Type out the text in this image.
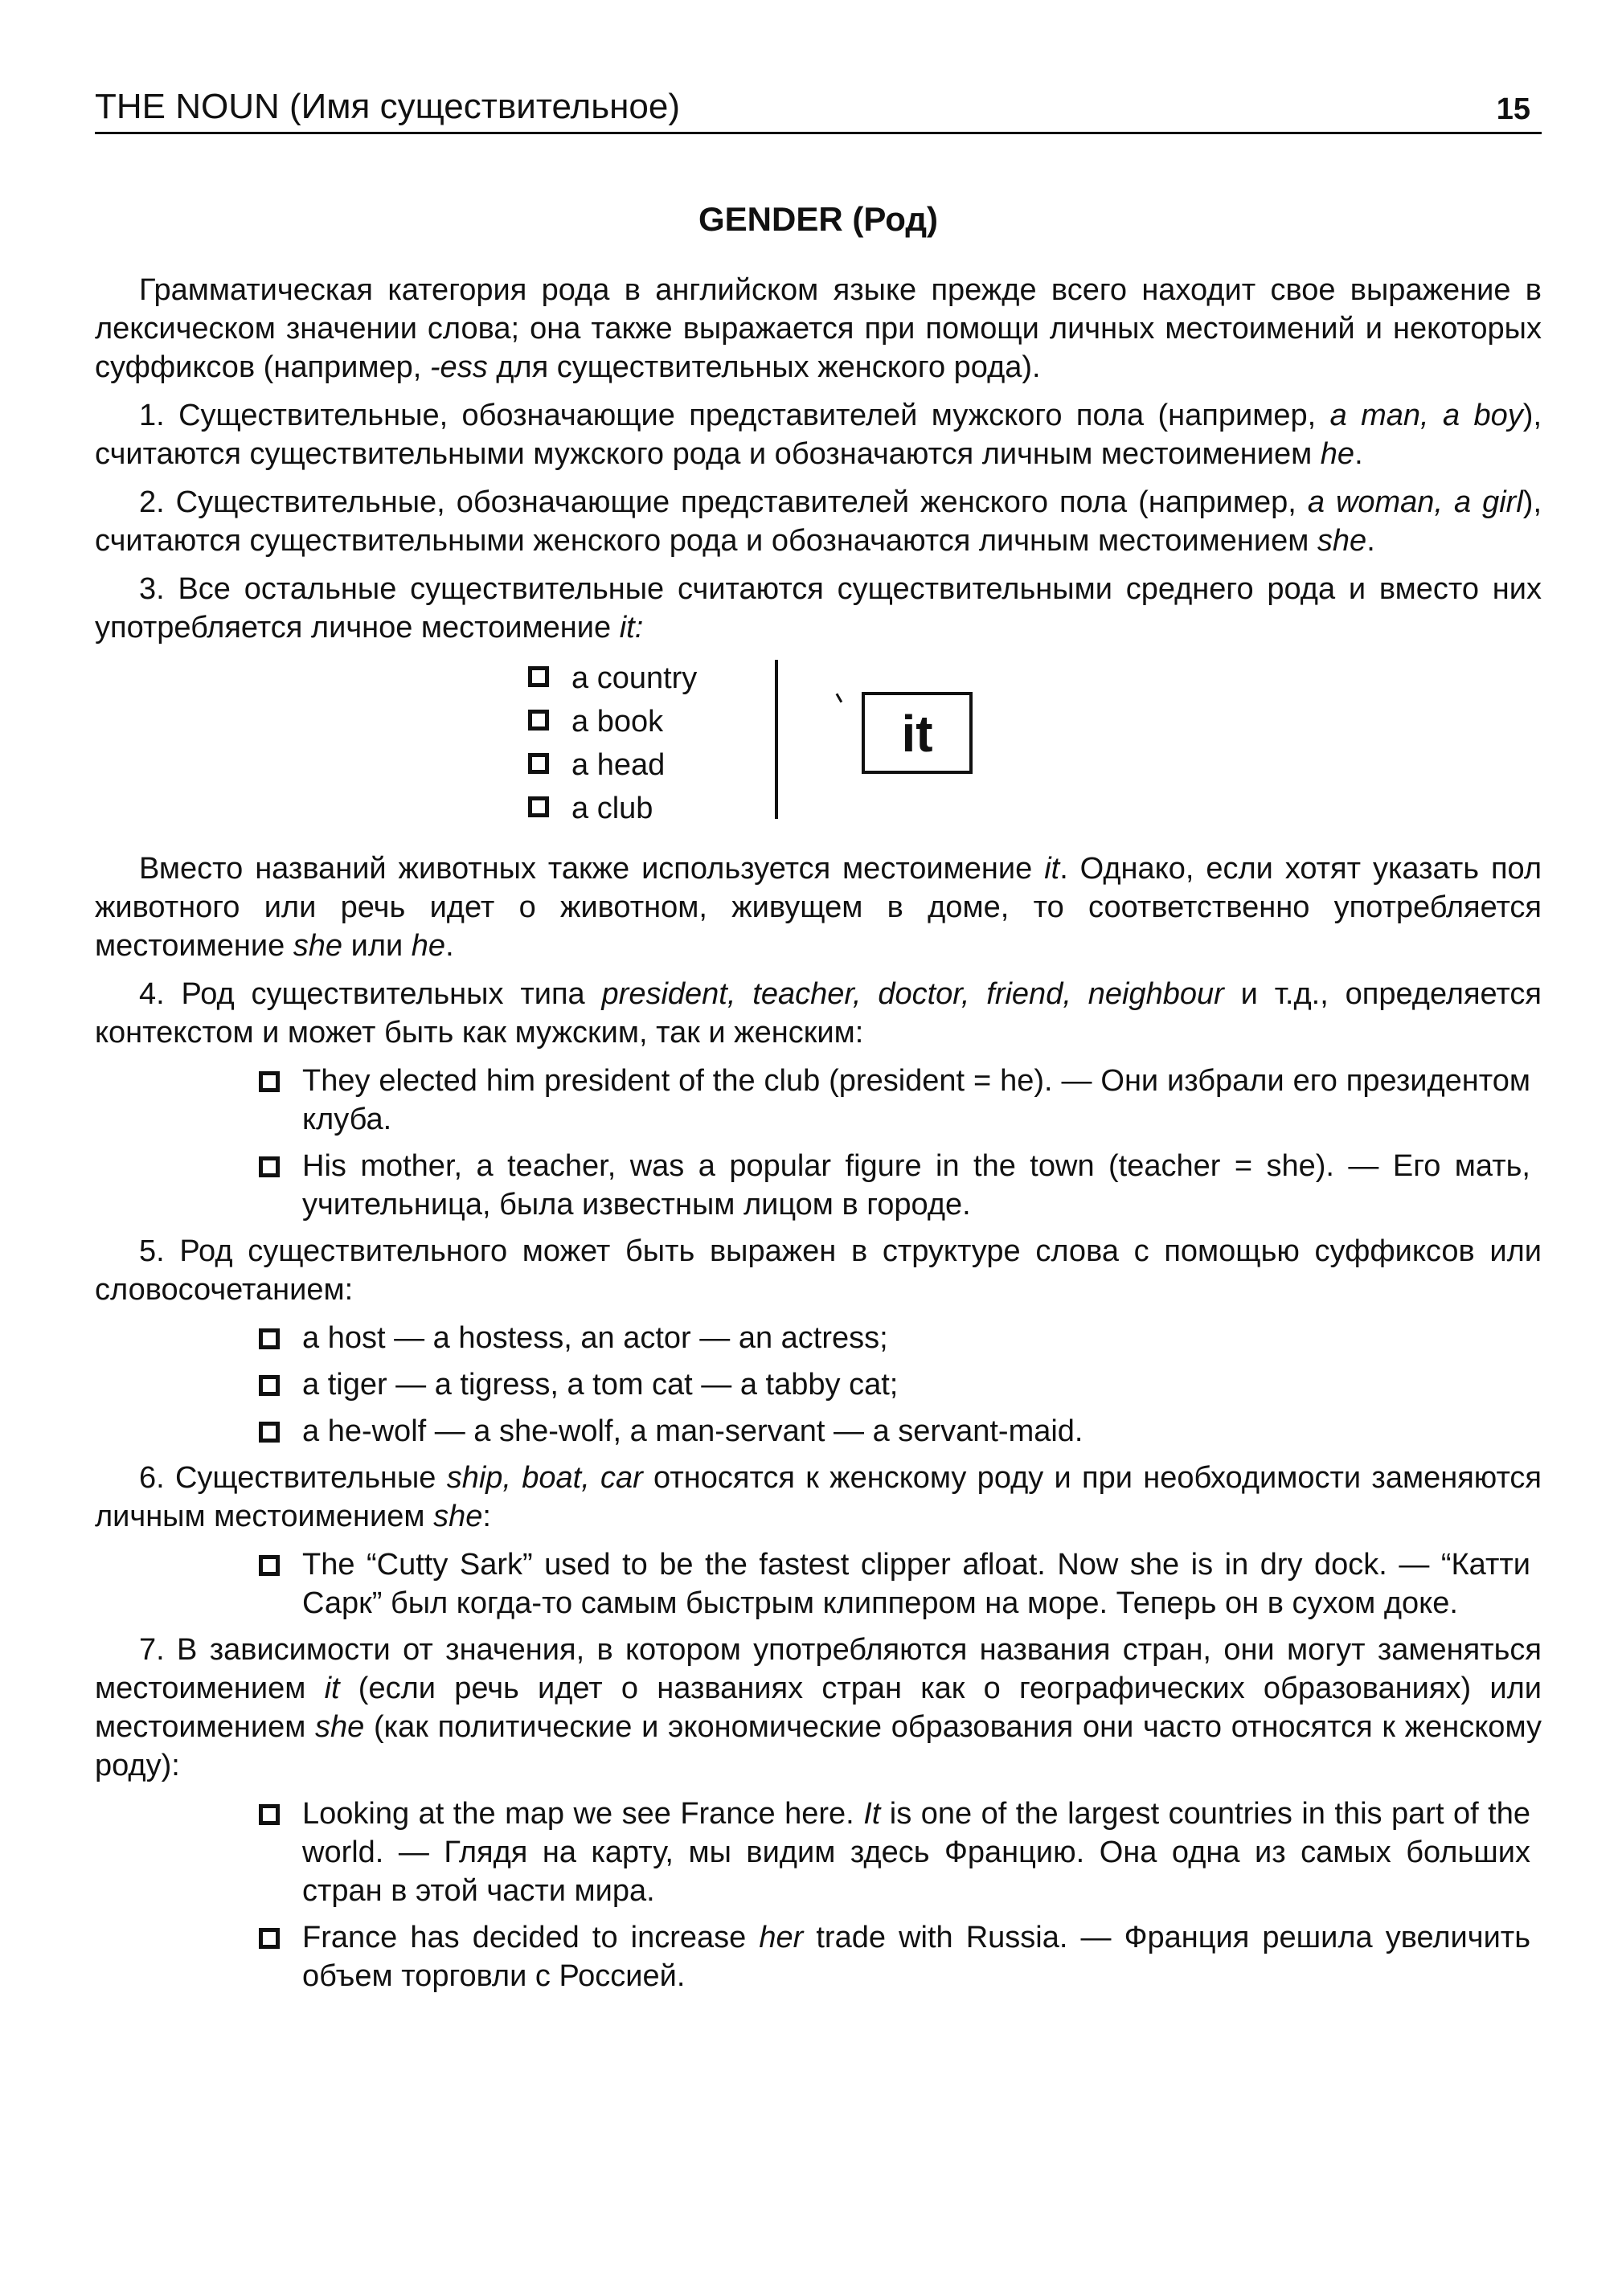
THE NOUN (Имя существительное)	15
GENDER (Род)

Грамматическая категория рода в английском языке прежде всего находит свое выражение в лексическом значении слова; она также выражается при помощи личных местоимений и некоторых суффиксов (например, -ess для существительных женского рода).

1. Существительные, обозначающие представителей мужского пола (например, a man, a boy), считаются существительными мужского рода и обозначаются личным местоимением he.

2. Существительные, обозначающие представителей женского пола (например, a woman, a girl), считаются существительными женского рода и обозначаются личным местоимением she.

3. Все остальные существительные считаются существительными среднего рода и вместо них употребляется личное местоимение it:

a country
a book
a head
a club
it

Вместо названий животных также используется местоимение it. Однако, если хотят указать пол животного или речь идет о животном, живущем в доме, то соответственно употребляется местоимение she или he.

4. Род существительных типа president, teacher, doctor, friend, neighbour и т.д., определяется контекстом и может быть как мужским, так и женским:

They elected him president of the club (president = he). — Они избрали его президентом клуба.
His mother, a teacher, was a popular figure in the town (teacher = she). — Его мать, учительница, была известным лицом в городе.

5. Род существительного может быть выражен в структуре слова с помощью суффиксов или словосочетанием:

a host — a hostess, an actor — an actress;
a tiger — a tigress, a tom cat — a tabby cat;
a he-wolf — a she-wolf, a man-servant — a servant-maid.

6. Существительные ship, boat, car относятся к женскому роду и при необходимости заменяются личным местоимением she:

The “Cutty Sark” used to be the fastest clipper afloat. Now she is in dry dock. — “Катти Сарк” был когда-то самым быстрым клиппером на море. Теперь он в сухом доке.

7. В зависимости от значения, в котором употребляются названия стран, они могут заменяться местоимением it (если речь идет о названиях стран как о географических образованиях) или местоимением she (как политические и экономические образования они часто относятся к женскому роду):

Looking at the map we see France here. It is one of the largest countries in this part of the world. — Глядя на карту, мы видим здесь Францию. Она одна из самых больших стран в этой части мира.
France has decided to increase her trade with Russia. — Франция решила увеличить объем торговли с Россией.
